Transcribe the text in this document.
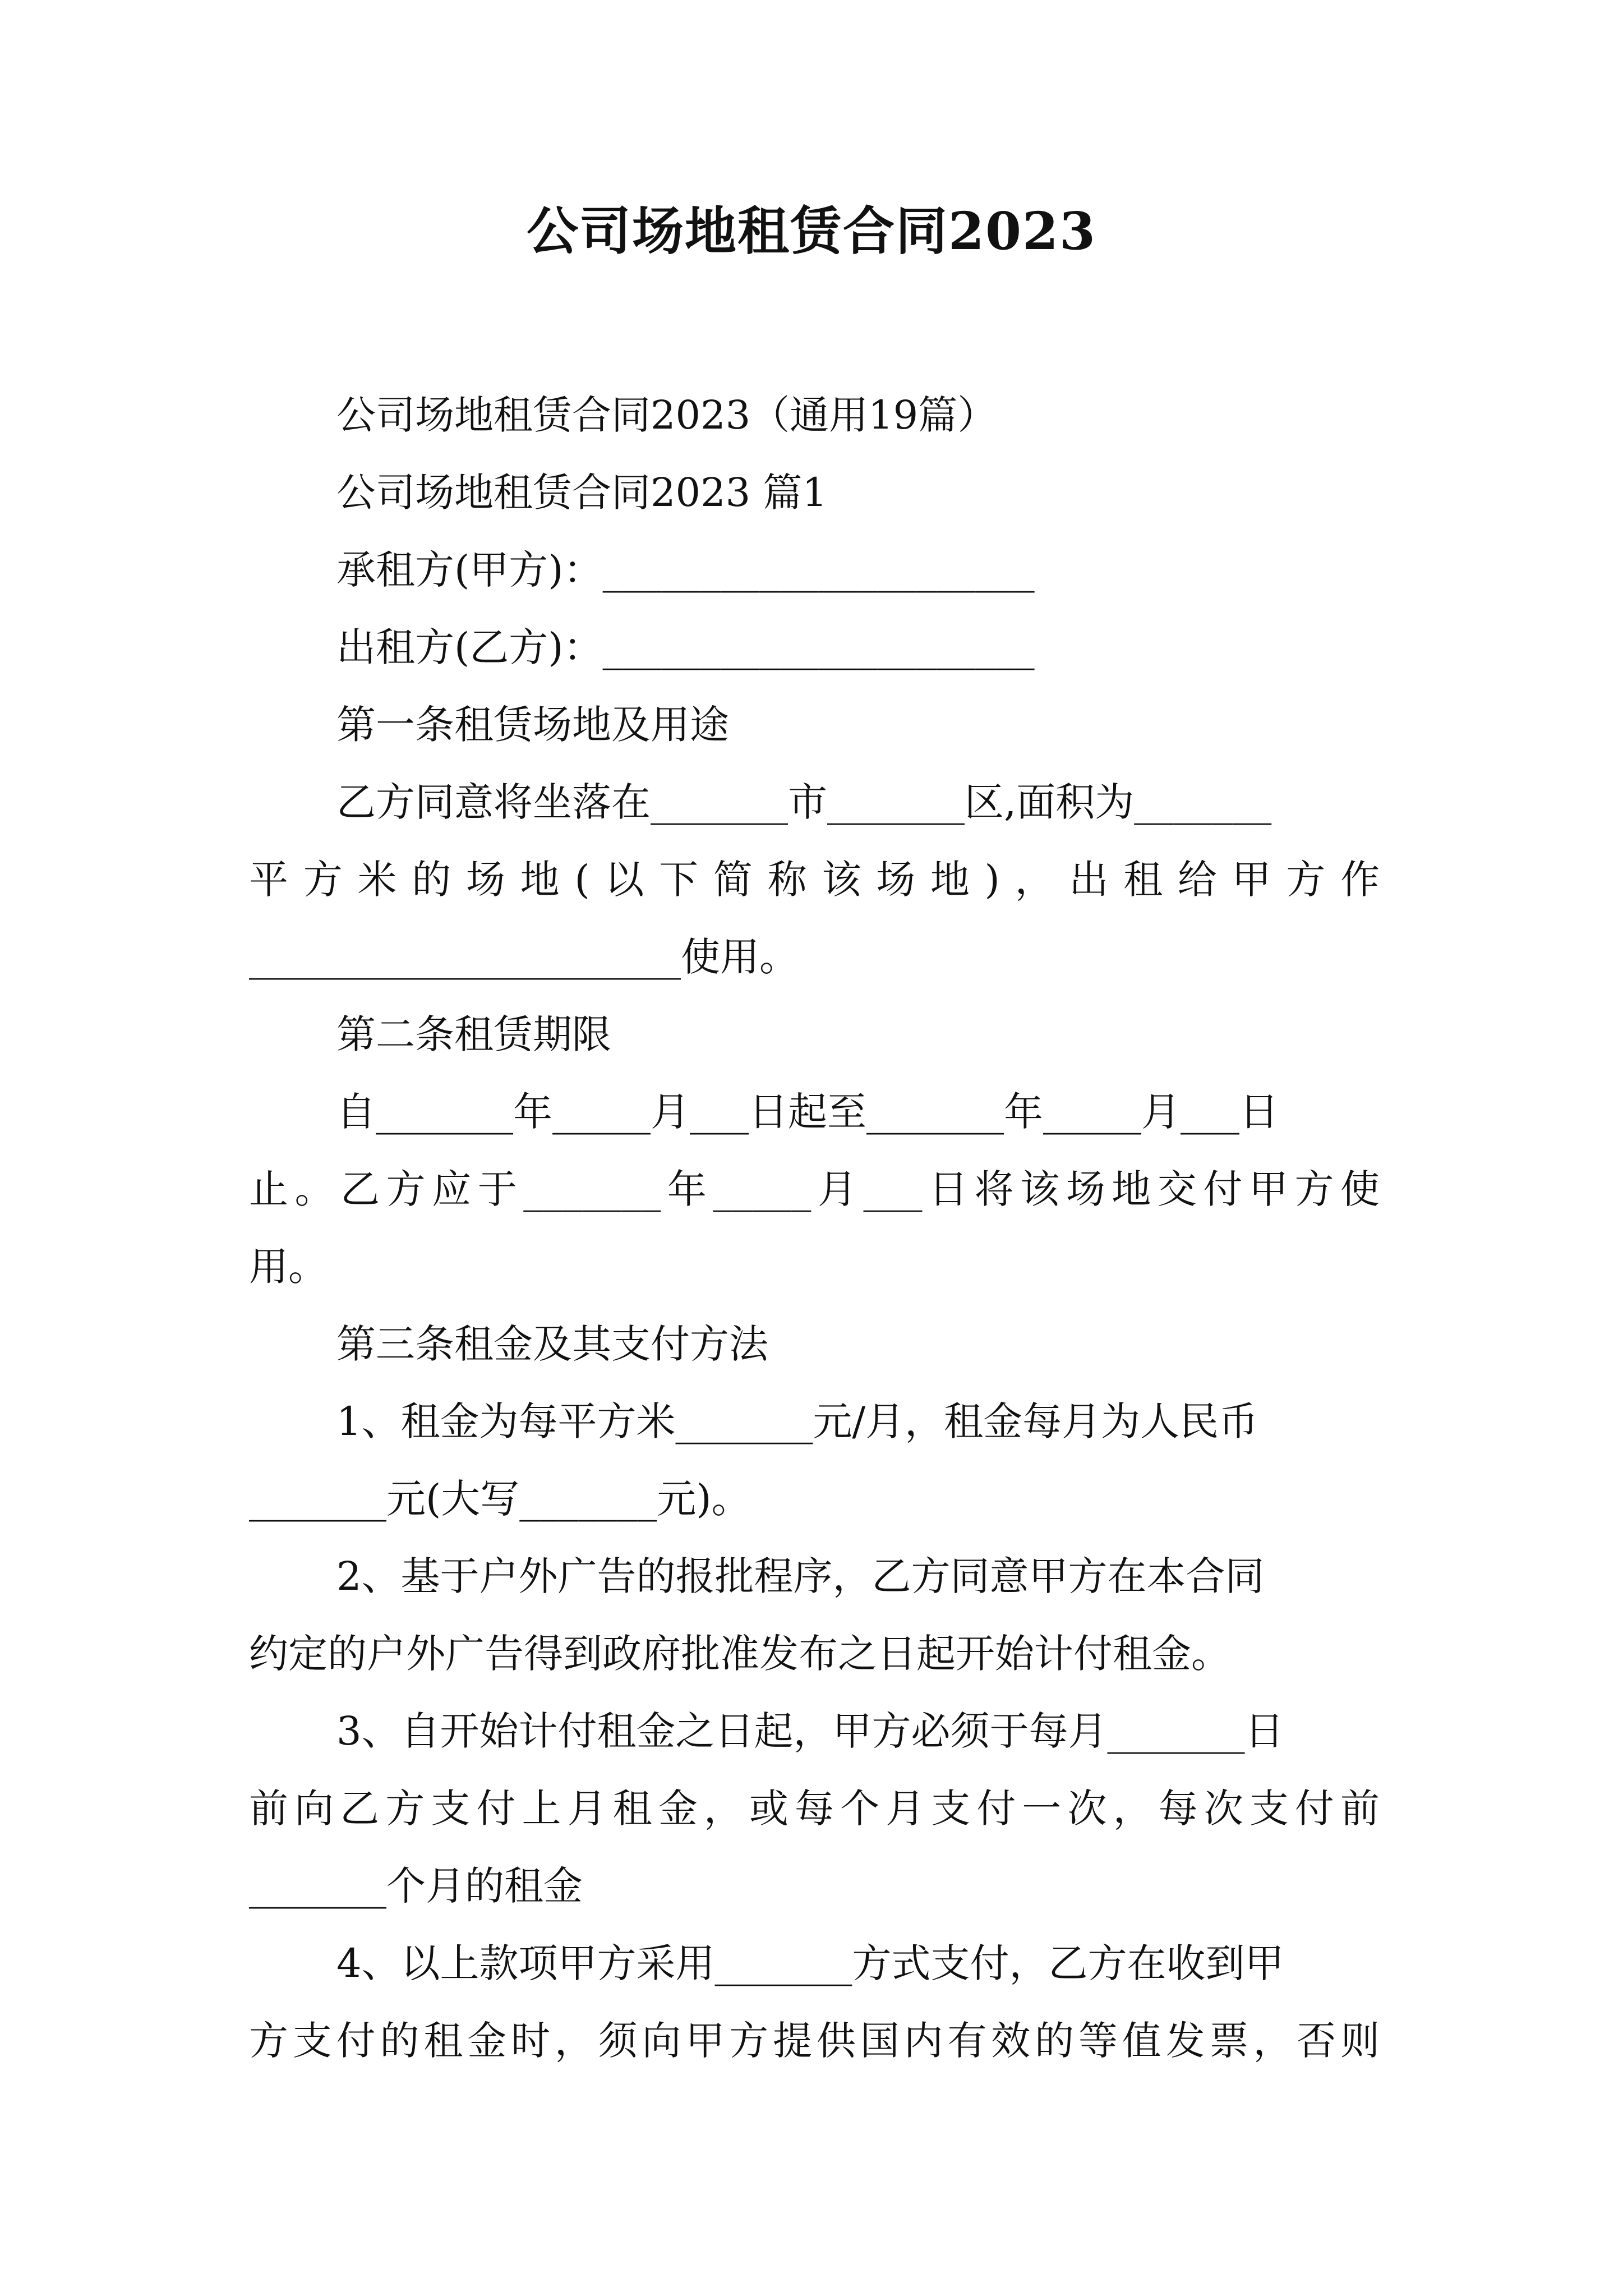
公司场地租赁合同2023
公司场地租赁合同2023（通用19篇）
公司场地租赁合同2023 篇1
承租方(甲方)：______________________
出租方(乙方)：______________________
第一条租赁场地及用途
乙方同意将坐落在_______市_______区,面积为_______
平方米的场地(以下简称该场地)，出租给甲方作
______________________使用。
第二条租赁期限
自_______年_____月___日起至_______年_____月___日
止。乙方应于_______年_____月___日将该场地交付甲方使
用。
第三条租金及其支付方法
1、租金为每平方米_______元/月，租金每月为人民币
_______元(大写_______元)。
2、基于户外广告的报批程序，乙方同意甲方在本合同
约定的户外广告得到政府批准发布之日起开始计付租金。
3、自开始计付租金之日起，甲方必须于每月_______日
前向乙方支付上月租金，或每个月支付一次，每次支付前
_______个月的租金
4、以上款项甲方采用_______方式支付，乙方在收到甲
方支付的租金时，须向甲方提供国内有效的等值发票，否则
